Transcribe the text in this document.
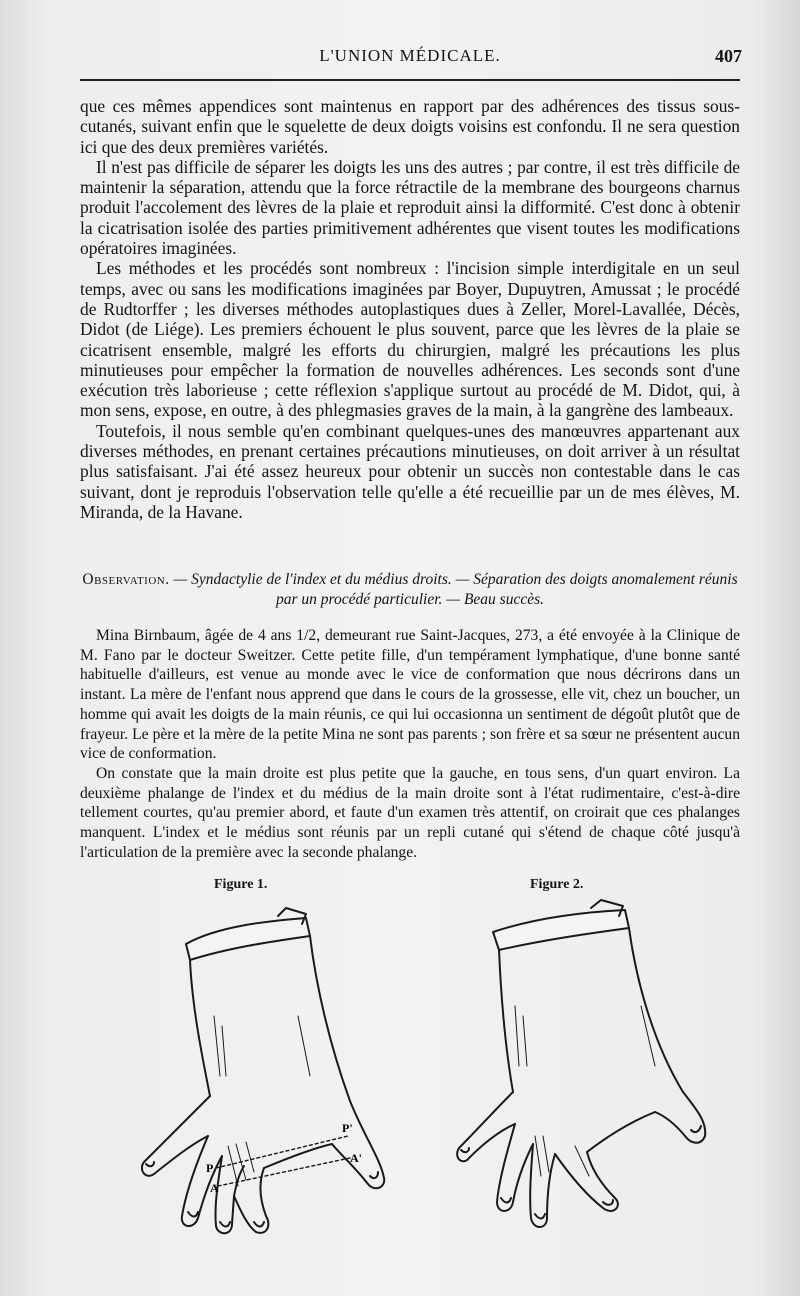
L'UNION MÉDICALE.	407

que ces mêmes appendices sont maintenus en rapport par des adhérences des tissus sous-cutanés, suivant enfin que le squelette de deux doigts voisins est confondu. Il ne sera question ici que des deux premières variétés.

Il n'est pas difficile de séparer les doigts les uns des autres ; par contre, il est très difficile de maintenir la séparation, attendu que la force rétractile de la membrane des bourgeons charnus produit l'accolement des lèvres de la plaie et reproduit ainsi la difformité. C'est donc à obtenir la cicatrisation isolée des parties primitivement adhérentes que visent toutes les modifications opératoires imaginées.

Les méthodes et les procédés sont nombreux : l'incision simple interdigitale en un seul temps, avec ou sans les modifications imaginées par Boyer, Dupuytren, Amussat ; le procédé de Rudtorffer ; les diverses méthodes autoplastiques dues à Zeller, Morel-Lavallée, Décès, Didot (de Liége). Les premiers échouent le plus souvent, parce que les lèvres de la plaie se cicatrisent ensemble, malgré les efforts du chirurgien, malgré les précautions les plus minutieuses pour empêcher la formation de nouvelles adhérences. Les seconds sont d'une exécution très laborieuse ; cette réflexion s'applique surtout au procédé de M. Didot, qui, à mon sens, expose, en outre, à des phlegmasies graves de la main, à la gangrène des lambeaux.

Toutefois, il nous semble qu'en combinant quelques-unes des manœuvres appartenant aux diverses méthodes, en prenant certaines précautions minutieuses, on doit arriver à un résultat plus satisfaisant. J'ai été assez heureux pour obtenir un succès non contestable dans le cas suivant, dont je reproduis l'observation telle qu'elle a été recueillie par un de mes élèves, M. Miranda, de la Havane.

Observation. — Syndactylie de l'index et du médius droits. — Séparation des doigts anomalement réunis par un procédé particulier. — Beau succès.

Mina Birnbaum, âgée de 4 ans 1/2, demeurant rue Saint-Jacques, 273, a été envoyée à la Clinique de M. Fano par le docteur Sweitzer. Cette petite fille, d'un tempérament lymphatique, d'une bonne santé habituelle d'ailleurs, est venue au monde avec le vice de conformation que nous décrirons dans un instant. La mère de l'enfant nous apprend que dans le cours de la grossesse, elle vit, chez un boucher, un homme qui avait les doigts de la main réunis, ce qui lui occasionna un sentiment de dégoût plutôt que de frayeur. Le père et la mère de la petite Mina ne sont pas parents ; son frère et sa sœur ne présentent aucun vice de conformation.

On constate que la main droite est plus petite que la gauche, en tous sens, d'un quart environ. La deuxième phalange de l'index et du médius de la main droite sont à l'état rudimentaire, c'est-à-dire tellement courtes, qu'au premier abord, et faute d'un examen très attentif, on croirait que ces phalanges manquent. L'index et le médius sont réunis par un repli cutané qui s'étend de chaque côté jusqu'à l'articulation de la première avec la seconde phalange.

Figure 1.	Figure 2.
P'
P
A'
A
